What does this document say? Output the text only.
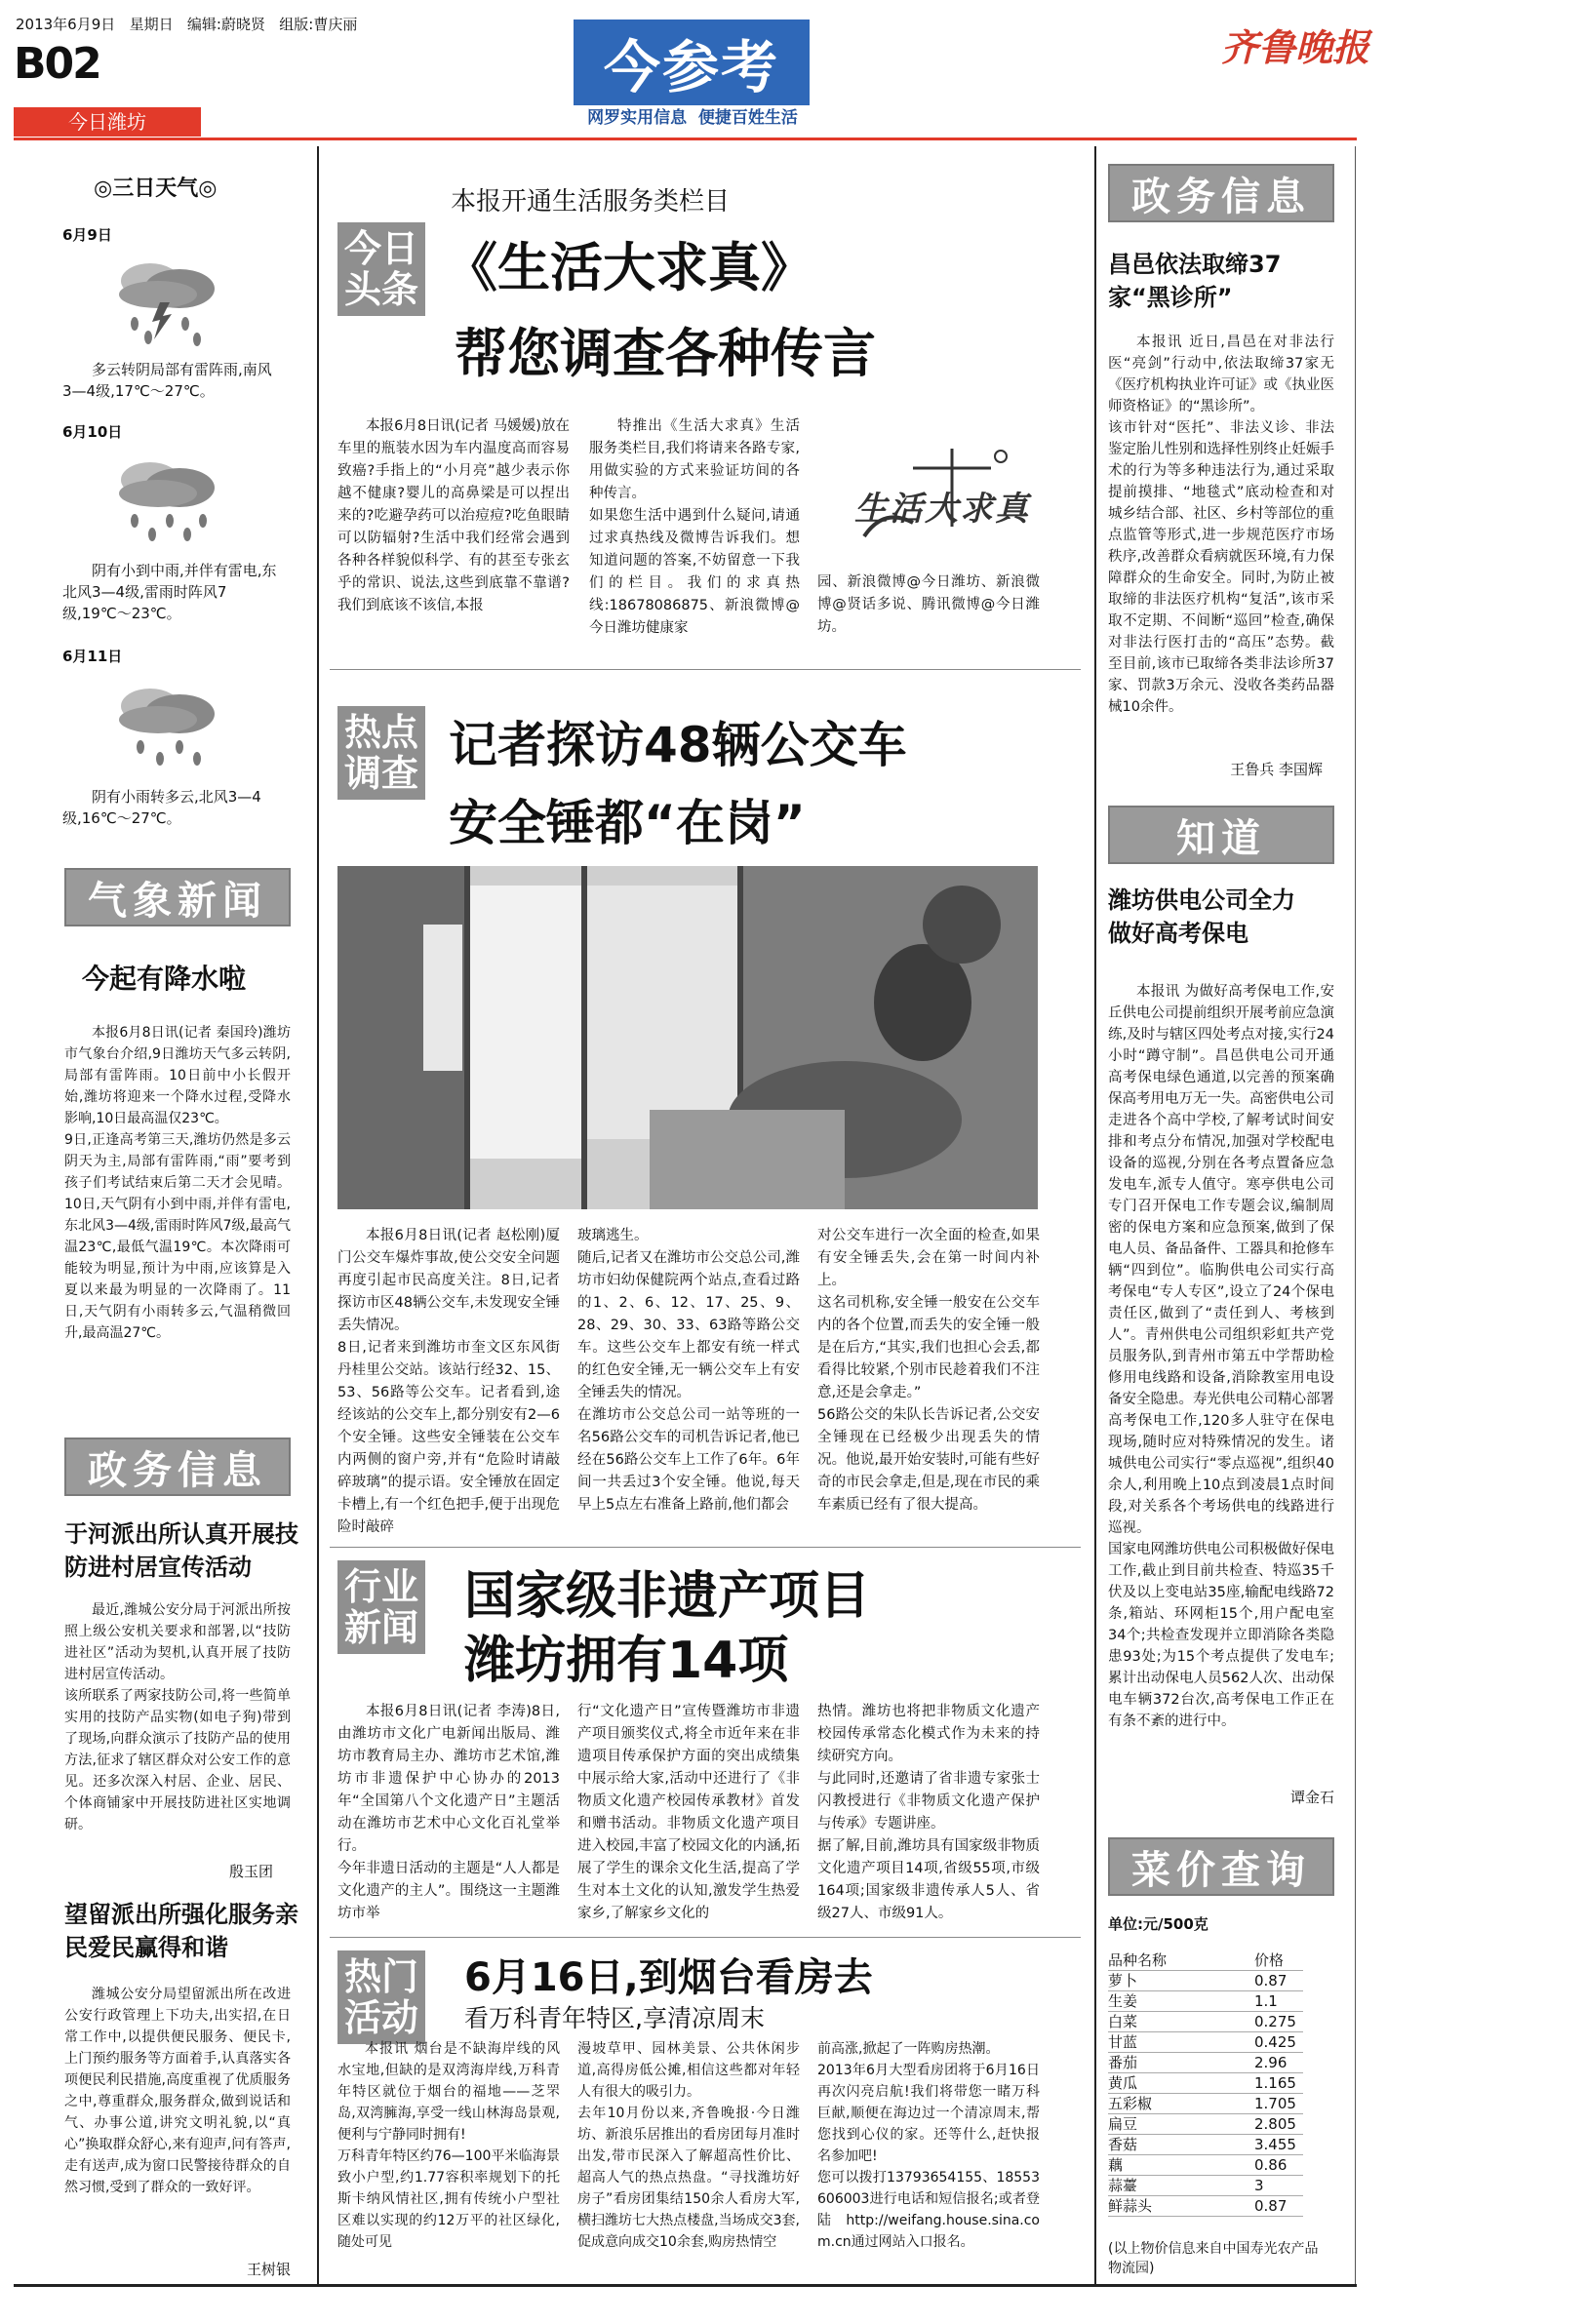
2013年6月9日 星期日 编辑:蔚晓贤 组版:曹庆丽
B02
今日潍坊
今参考
网罗实用信息 便捷百姓生活
齐鲁晚报
◎三日天气◎
6月9日
多云转阴局部有雷阵雨,南风3—4级,17℃～27℃。
6月10日
阴有小到中雨,并伴有雷电,东北风3—4级,雷雨时阵风7级,19℃～23℃。
6月11日
阴有小雨转多云,北风3—4级,16℃～27℃。
气象新闻
今起有降水啦
本报6月8日讯(记者 秦国玲)潍坊市气象台介绍,9日潍坊天气多云转阴,局部有雷阵雨。10日前中小长假开始,潍坊将迎来一个降水过程,受降水影响,10日最高温仅23℃。
9日,正逢高考第三天,潍坊仍然是多云阴天为主,局部有雷阵雨,“雨”要考到孩子们考试结束后第二天才会见晴。10日,天气阴有小到中雨,并伴有雷电,东北风3—4级,雷雨时阵风7级,最高气温23℃,最低气温19℃。本次降雨可能较为明显,预计为中雨,应该算是入夏以来最为明显的一次降雨了。11日,天气阴有小雨转多云,气温稍微回升,最高温27℃。
政务信息
于河派出所认真开展技防进村居宣传活动
最近,潍城公安分局于河派出所按照上级公安机关要求和部署,以“技防进社区”活动为契机,认真开展了技防进村居宣传活动。
该所联系了两家技防公司,将一些简单实用的技防产品实物(如电子狗)带到了现场,向群众演示了技防产品的使用方法,征求了辖区群众对公安工作的意见。还多次深入村居、企业、居民、个体商铺家中开展技防进社区实地调研。
殷玉团
望留派出所强化服务亲民爱民赢得和谐
潍城公安分局望留派出所在改进公安行政管理上下功夫,出实招,在日常工作中,以提供便民服务、便民卡,上门预约服务等方面着手,认真落实各项便民利民措施,高度重视了优质服务之中,尊重群众,服务群众,做到说话和气、办事公道,讲究文明礼貌,以“真心”换取群众舒心,来有迎声,问有答声,走有送声,成为窗口民警接待群众的自然习惯,受到了群众的一致好评。
王树银
本报开通生活服务类栏目
今日头条 《生活大求真》
帮您调查各种传言
本报6月8日讯(记者 马媛媛)放在车里的瓶装水因为车内温度高而容易致癌?手指上的“小月亮”越少表示你越不健康?婴儿的高鼻梁是可以捏出来的?吃避孕药可以治痘痘?吃鱼眼睛可以防辐射?生活中我们经常会遇到各种各样貌似科学、有的甚至专张玄乎的常识、说法,这些到底靠不靠谱?我们到底该不该信,本报
特推出《生活大求真》生活服务类栏目,我们将请来各路专家,用做实验的方式来验证坊间的各种传言。
如果您生活中遇到什么疑问,请通过求真热线及微博告诉我们。想知道问题的答案,不妨留意一下我们的栏目。我们的求真热线:18678086875、新浪微博@今日潍坊健康家
园、新浪微博@今日潍坊、新浪微博@贤话多说、腾讯微博@今日潍坊。
生活大求真
热点调查 记者探访48辆公交车
安全锤都“在岗”
本报6月8日讯(记者 赵松刚)厦门公交车爆炸事故,使公交安全问题再度引起市民高度关注。8日,记者探访市区48辆公交车,未发现安全锤丢失情况。
8日,记者来到潍坊市奎文区东风街丹桂里公交站。该站行经32、15、53、56路等公交车。记者看到,途经该站的公交车上,都分别安有2—6个安全锤。这些安全锤装在公交车内两侧的窗户旁,并有“危险时请敲碎玻璃”的提示语。安全锤放在固定卡槽上,有一个红色把手,便于出现危险时敲碎
玻璃逃生。
随后,记者又在潍坊市公交总公司,潍坊市妇幼保健院两个站点,查看过路的1、2、6、12、17、25、9、28、29、30、33、63路等路公交车。这些公交车上都安有统一样式的红色安全锤,无一辆公交车上有安全锤丢失的情况。
在潍坊市公交总公司一站等班的一名56路公交车的司机告诉记者,他已经在56路公交车上工作了6年。6年间一共丢过3个安全锤。他说,每天早上5点左右准备上路前,他们都会
对公交车进行一次全面的检查,如果有安全锤丢失,会在第一时间内补上。
这名司机称,安全锤一般安在公交车内的各个位置,而丢失的安全锤一般是在后方,“其实,我们也担心会丢,都看得比较紧,个别市民趁着我们不注意,还是会拿走。”
56路公交的朱队长告诉记者,公交安全锤现在已经极少出现丢失的情况。他说,最开始安装时,可能有些好奇的市民会拿走,但是,现在市民的乘车素质已经有了很大提高。
行业新闻
国家级非遗产项目
潍坊拥有14项
本报6月8日讯(记者 李涛)8日,由潍坊市文化广电新闻出版局、潍坊市教育局主办、潍坊市艺术馆,潍坊市非遗保护中心协办的2013年“全国第八个文化遗产日”主题活动在潍坊市艺术中心文化百礼堂举行。
今年非遗日活动的主题是“人人都是文化遗产的主人”。围绕这一主题潍坊市举
行“文化遗产日”宣传暨潍坊市非遗产项目颁奖仪式,将全市近年来在非遗项目传承保护方面的突出成绩集中展示给大家,活动中还进行了《非物质文化遗产校园传承教材》首发和赠书活动。非物质文化遗产项目进入校园,丰富了校园文化的内涵,拓展了学生的课余文化生活,提高了学生对本土文化的认知,激发学生热爱家乡,了解家乡文化的
热情。潍坊也将把非物质文化遗产校园传承常态化模式作为未来的持续研究方向。
与此同时,还邀请了省非遗专家张士闪教授进行《非物质文化遗产保护与传承》专题讲座。
据了解,目前,潍坊具有国家级非物质文化遗产项目14项,省级55项,市级164项;国家级非遗传承人5人、省级27人、市级91人。
热门活动
6月16日,到烟台看房去
看万科青年特区,享清凉周末
本报讯 烟台是不缺海岸线的风水宝地,但缺的是双湾海岸线,万科青年特区就位于烟台的福地——芝罘岛,双湾臃海,享受一线山林海岛景观,便利与宁静同时拥有!
万科青年特区约76—100平米临海景致小户型,约1.77容积率规划下的托斯卡纳风情社区,拥有传统小户型社区难以实现的约12万平的社区绿化,随处可见
漫坡草甲、园林美景、公共休闲步道,高得房低公摊,相信这些都对年轻人有很大的吸引力。
去年10月份以来,齐鲁晚报·今日潍坊、新浪乐居推出的看房团每月准时出发,带市民深入了解超高性价比、超高人气的热点热盘。“寻找潍坊好房子”看房团集结150余人看房大军,横扫潍坊七大热点楼盘,当场成交3套,促成意向成交10余套,购房热情空
前高涨,掀起了一阵购房热潮。
2013年6月大型看房团将于6月16日再次闪亮启航!我们将带您一睹万科巨献,顺便在海边过一个清凉周末,帮您找到心仪的家。还等什么,赶快报名参加吧!
您可以拨打13793654155、18553606003进行电话和短信报名;或者登陆http://weifang.house.sina.com.cn通过网站入口报名。
政务信息
昌邑依法取缔37家“黑诊所”
本报讯 近日,昌邑在对非法行医“亮剑”行动中,依法取缔37家无《医疗机构执业许可证》或《执业医师资格证》的“黑诊所”。
该市针对“医托”、非法义诊、非法鉴定胎儿性别和选择性别终止妊娠手术的行为等多种违法行为,通过采取提前摸排、“地毯式”底动检查和对城乡结合部、社区、乡村等部位的重点监管等形式,进一步规范医疗市场秩序,改善群众看病就医环境,有力保障群众的生命安全。同时,为防止被取缔的非法医疗机构“复活”,该市采取不定期、不间断“巡回”检查,确保对非法行医打击的“高压”态势。截至目前,该市已取缔各类非法诊所37家、罚款3万余元、没收各类药品器械10余件。
王鲁兵 李国辉
知道
潍坊供电公司全力做好高考保电
本报讯 为做好高考保电工作,安丘供电公司提前组织开展考前应急演练,及时与辖区四处考点对接,实行24小时“蹲守制”。昌邑供电公司开通高考保电绿色通道,以完善的预案确保高考用电万无一失。高密供电公司走进各个高中学校,了解考试时间安排和考点分布情况,加强对学校配电设备的巡视,分别在各考点置备应急发电车,派专人值守。寒亭供电公司专门召开保电工作专题会议,编制周密的保电方案和应急预案,做到了保电人员、备品备件、工器具和抢修车辆“四到位”。临朐供电公司实行高考保电“专人专区”,设立了24个保电责任区,做到了“责任到人、考核到人”。青州供电公司组织彩虹共产党员服务队,到青州市第五中学帮助检修用电线路和设备,消除教室用电设备安全隐患。寿光供电公司精心部署高考保电工作,120多人驻守在保电现场,随时应对特殊情况的发生。诸城供电公司实行“零点巡视”,组织40余人,利用晚上10点到凌晨1点时间段,对关系各个考场供电的线路进行巡视。
国家电网潍坊供电公司积极做好保电工作,截止到目前共检查、特巡35千伏及以上变电站35座,输配电线路72条,箱站、环网柜15个,用户配电室34个;共检查发现并立即消除各类隐患93处;为15个考点提供了发电车;累计出动保电人员562人次、出动保电车辆372台次,高考保电工作正在有条不紊的进行中。
谭金石
菜价查询
单位:元/500克
品种名称	价格
萝卜	0.87
生姜	1.1
白菜	0.275
甘蓝	0.425
番茄	2.96
黄瓜	1.165
五彩椒	1.705
扁豆	2.805
香菇	3.455
藕	0.86
蒜薹	3
鲜蒜头	0.87
(以上物价信息来自中国寿光农产品物流园)
